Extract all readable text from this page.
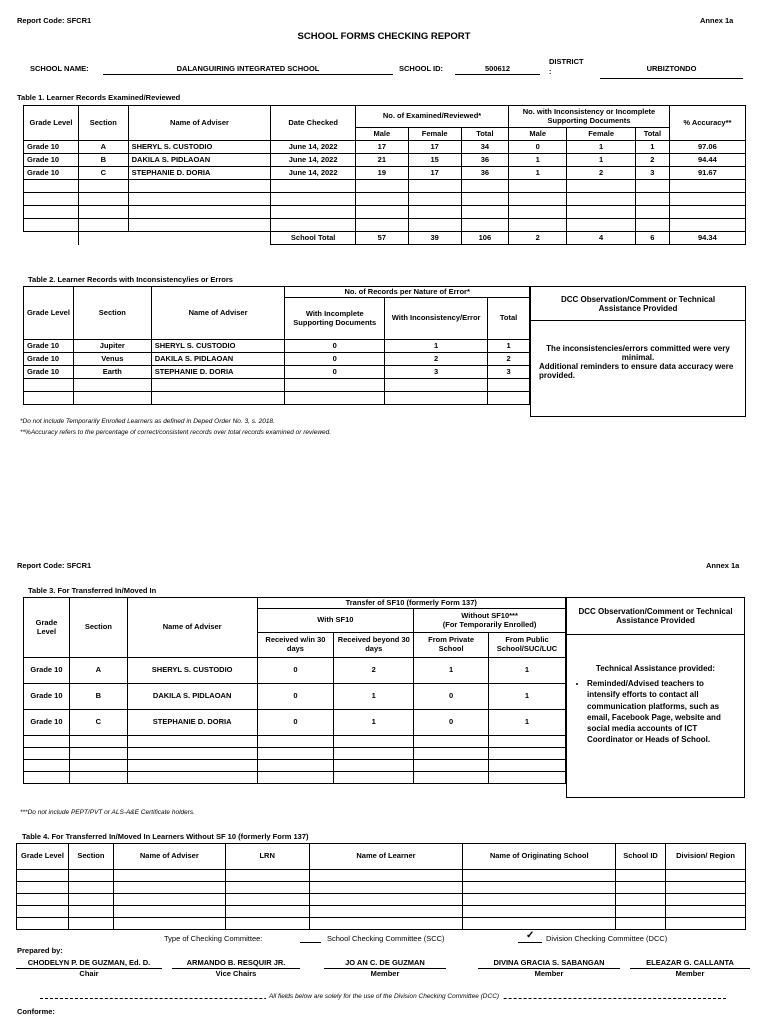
Report Code: SFCR1	Annex 1a
SCHOOL FORMS CHECKING REPORT
SCHOOL NAME:	DALANGUIRING INTEGRATED SCHOOL	SCHOOL ID:	500612
DISTRICT
:	URBIZTONDO
Table 1. Learner Records Examined/Reviewed
Grade Level	Section	Name of Adviser	Date Checked	No. of Examined/Reviewed*			No. with Inconsistency or Incomplete Supporting Documents			% Accuracy**
				Male	Female	Total	Male	Female	Total	
Grade 10	A	SHERYL S. CUSTODIO	June 14, 2022	17	17	34	0	1	1	97.06
Grade 10	B	DAKILA S. PIDLAOAN	June 14, 2022	21	15	36	1	1	2	94.44
Grade 10	C	STEPHANIE D. DORIA	June 14, 2022	19	17	36	1	2	3	91.67

			School Total	57	39	106	2	4	6	94.34
Table 2. Learner Records with Inconsistency/ies or Errors
Grade Level	Section	Name of Adviser	No. of Records per Nature of Error*		
			With Incomplete Supporting Documents	With Inconsistency/Error	Total
Grade 10	Jupiter	SHERYL S. CUSTODIO	0	1	1
Grade 10	Venus	DAKILA S. PIDLAOAN	0	2	2
Grade 10	Earth	STEPHANIE D. DORIA	0	3	3

DCC Observation/Comment or Technical Assistance Provided
The inconsistencies/errors committed were very minimal.
Additional reminders to ensure data accuracy were provided.
*Do not include Temporarily Enrolled Learners as defined in Deped Order No. 3, s. 2018.
**%Accuracy refers to the percentage of correct/consistent records over total records examined or reviewed.
Report Code: SFCR1	Annex 1a
Table 3. For Transferred In/Moved In
Grade Level	Section	Name of Adviser	Transfer of SF10 (formerly Form 137)			
			With SF10		Without SF10***
(For Temporarily Enrolled)	

			Received w/in 30 days	Received beyond 30 days	From Private School	From Public School/SUC/LUC
Grade 10	A	SHERYL S. CUSTODIO	0	2	1	1
Grade 10	B	DAKILA S. PIDLAOAN	0	1	0	1
Grade 10	C	STEPHANIE D. DORIA	0	1	0	1

DCC Observation/Comment or Technical Assistance Provided
Technical Assistance provided:
• Reminded/Advised teachers to intensify efforts to contact all communication platforms, such as email, Facebook Page, website and social media accounts of ICT Coordinator or Heads of School.
***Do not include PEPT/PVT or ALS-A&E Certificate holders.
Table 4. For Transferred In/Moved In Learners Without SF 10 (formerly Form 137)
Grade Level	Section	Name of Adviser	LRN	Name of Learner	Name of Originating School	School ID	Division/ Region

Type of Checking Committee:	School Checking Committee (SCC)	✓ Division Checking Committee (DCC)
Prepared by:
CHODELYN P. DE GUZMAN, Ed. D.
Chair
ARMANDO B. RESQUIR JR.
Vice Chairs
JO AN C. DE GUZMAN
Member
DIVINA GRACIA S. SABANGAN
Member
ELEAZAR G. CALLANTA
Member
All fields below are solely for the use of the Division Checking Committee (DCC)
Conforme:
